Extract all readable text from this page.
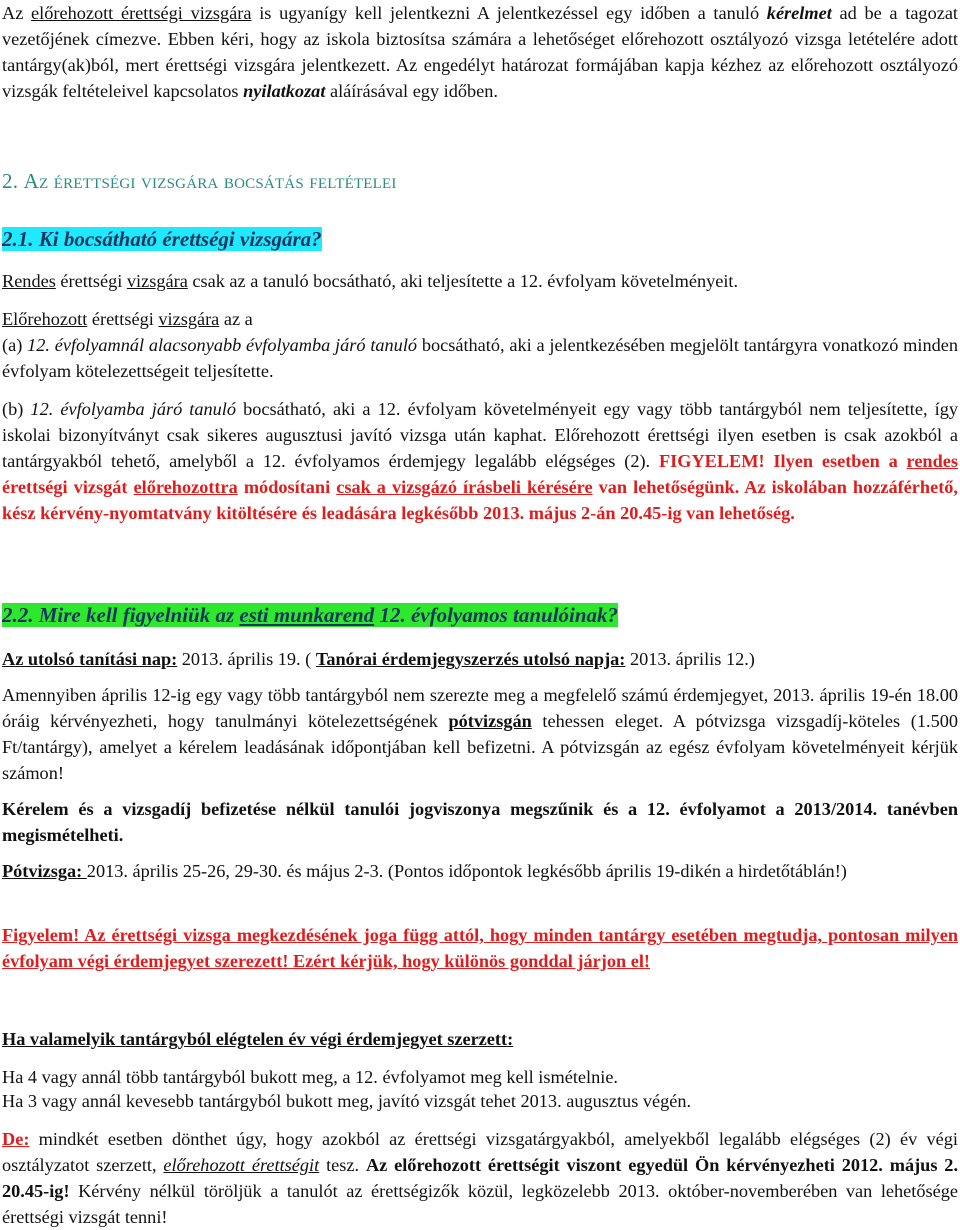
Az előrehozott érettségi vizsgára is ugyanígy kell jelentkezni A jelentkezéssel egy időben a tanuló kérelmet ad be a tagozat vezetőjének címezve. Ebben kéri, hogy az iskola biztosítsa számára a lehetőséget előrehozott osztályozó vizsga letételére adott tantárgy(ak)ból, mert érettségi vizsgára jelentkezett. Az engedélyt határozat formájában kapja kézhez az előrehozott osztályozó vizsgák feltételeivel kapcsolatos nyilatkozat aláírásával egy időben.

2. Az érettségi vizsgára bocsátás feltételei

2.1. Ki bocsátható érettségi vizsgára?

Rendes érettségi vizsgára csak az a tanuló bocsátható, aki teljesítette a 12. évfolyam követelményeit.

Előrehozott érettségi vizsgára az a

(a) 12. évfolyamnál alacsonyabb évfolyamba járó tanuló bocsátható, aki a jelentkezésében megjelölt tantárgyra vonatkozó minden évfolyam kötelezettségeit teljesítette.

(b) 12. évfolyamba járó tanuló bocsátható, aki a 12. évfolyam követelményeit egy vagy több tantárgyból nem teljesítette, így iskolai bizonyítványt csak sikeres augusztusi javító vizsga után kaphat. Előrehozott érettségi ilyen esetben is csak azokból a tantárgyakból tehető, amelyből a 12. évfolyamos érdemjegy legalább elégséges (2). FIGYELEM! Ilyen esetben a rendes érettségi vizsgát előrehozottra módosítani csak a vizsgázó írásbeli kérésére van lehetőségünk. Az iskolában hozzáférhető, kész kérvény-nyomtatvány kitöltésére és leadására legkésőbb 2013. május 2-án 20.45-ig van lehetőség.

2.2. Mire kell figyelniük az esti munkarend 12. évfolyamos tanulóinak?

Az utolsó tanítási nap: 2013. április 19. ( Tanórai érdemjegyszerzés utolsó napja: 2013. április 12.)

Amennyiben április 12-ig egy vagy több tantárgyból nem szerezte meg a megfelelő számú érdemjegyet, 2013. április 19-én 18.00 óráig kérvényezheti, hogy tanulmányi kötelezettségének pótvizsgán tehessen eleget. A pótvizsga vizsgadíj-köteles (1.500 Ft/tantárgy), amelyet a kérelem leadásának időpontjában kell befizetni. A pótvizsgán az egész évfolyam követelményeit kérjük számon!

Kérelem és a vizsgadíj befizetése nélkül tanulói jogviszonya megszűnik és a 12. évfolyamot a 2013/2014. tanévben megismételheti.

Pótvizsga: 2013. április 25-26, 29-30. és május 2-3. (Pontos időpontok legkésőbb április 19-dikén a hirdetőtáblán!)

Figyelem! Az érettségi vizsga megkezdésének joga függ attól, hogy minden tantárgy esetében megtudja, pontosan milyen évfolyam végi érdemjegyet szerezett! Ezért kérjük, hogy különös gonddal járjon el!

Ha valamelyik tantárgyból elégtelen év végi érdemjegyet szerzett:

Ha 4 vagy annál több tantárgyból bukott meg, a 12. évfolyamot meg kell ismételnie.

Ha 3 vagy annál kevesebb tantárgyból bukott meg, javító vizsgát tehet 2013. augusztus végén.

De: mindkét esetben dönthet úgy, hogy azokból az érettségi vizsgatárgyakból, amelyekből legalább elégséges (2) év végi osztályzatot szerzett, előrehozott érettségit tesz. Az előrehozott érettségit viszont egyedül Ön kérvényezheti 2012. május 2. 20.45-ig! Kérvény nélkül töröljük a tanulót az érettségizők közül, legközelebb 2013. október-novemberében van lehetősége érettségi vizsgát tenni!
